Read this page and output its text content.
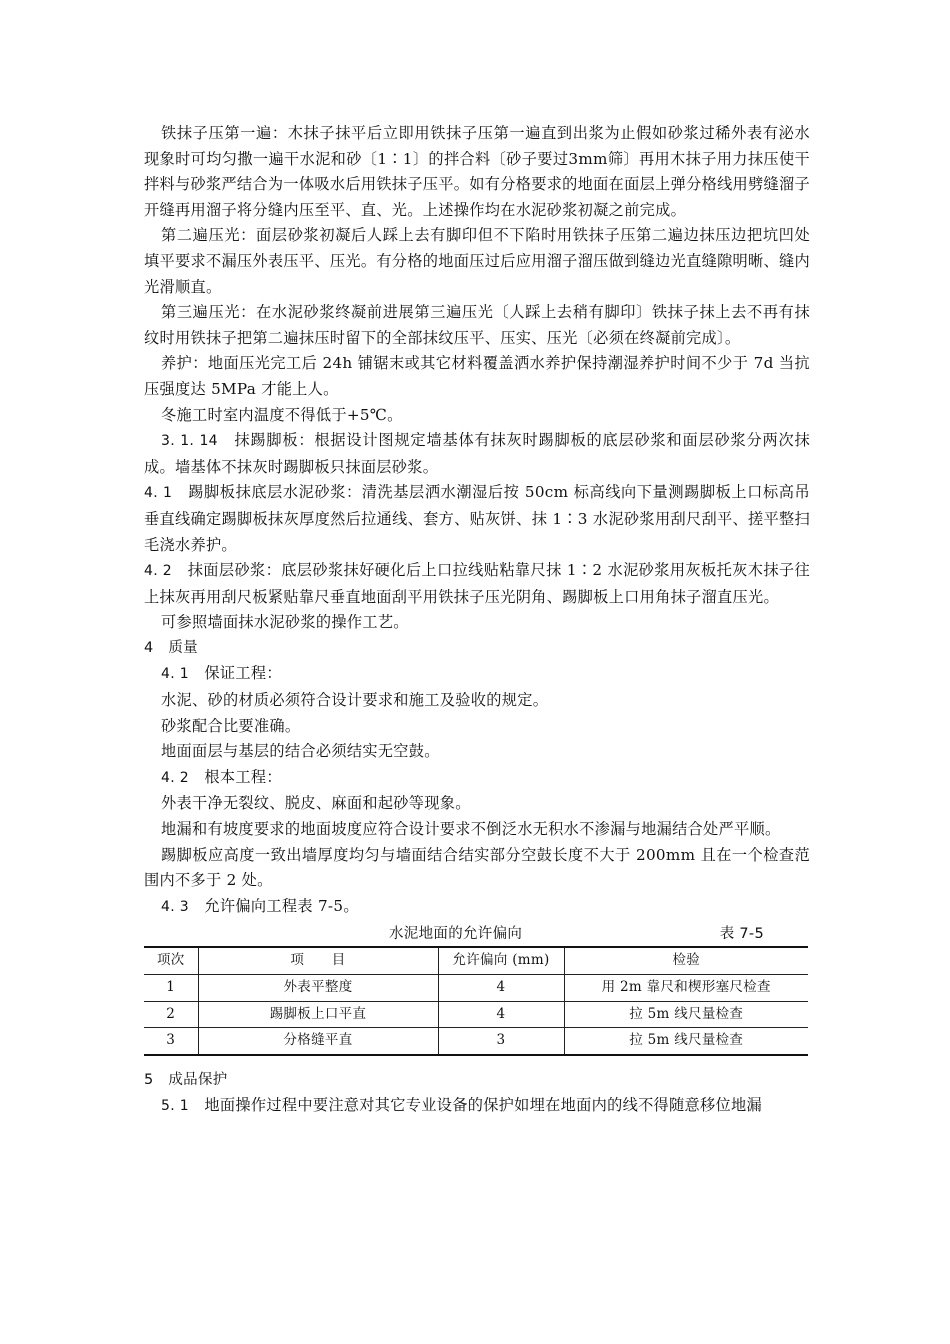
铁抹子压第一遍：木抹子抹平后立即用铁抹子压第一遍直到出浆为止假如砂浆过稀外表有泌水现象时可均匀撒一遍干水泥和砂〔1∶1〕的拌合料〔砂子要过3mm筛〕再用木抹子用力抹压使干拌料与砂浆严结合为一体吸水后用铁抹子压平。如有分格要求的地面在面层上弹分格线用劈缝溜子开缝再用溜子将分缝内压至平、直、光。上述操作均在水泥砂浆初凝之前完成。

第二遍压光：面层砂浆初凝后人踩上去有脚印但不下陷时用铁抹子压第二遍边抹压边把坑凹处填平要求不漏压外表压平、压光。有分格的地面压过后应用溜子溜压做到缝边光直缝隙明晰、缝内光滑顺直。

第三遍压光：在水泥砂浆终凝前进展第三遍压光〔人踩上去稍有脚印〕铁抹子抹上去不再有抹纹时用铁抹子把第二遍抹压时留下的全部抹纹压平、压实、压光〔必须在终凝前完成〕。

养护：地面压光完工后 24h 铺锯末或其它材料覆盖洒水养护保持潮湿养护时间不少于 7d 当抗压强度达 5MPa 才能上人。

冬施工时室内温度不得低于+5℃。

3. 1. 14　 抹踢脚板：根据设计图规定墙基体有抹灰时踢脚板的底层砂浆和面层砂浆分两次抹成。墙基体不抹灰时踢脚板只抹面层砂浆。

4. 1　 踢脚板抹底层水泥砂浆：清洗基层洒水潮湿后按 50cm 标高线向下量测踢脚板上口标高吊垂直线确定踢脚板抹灰厚度然后拉通线、套方、贴灰饼、抹 1∶3 水泥砂浆用刮尺刮平、搓平整扫毛浇水养护。

4. 2　 抹面层砂浆：底层砂浆抹好硬化后上口拉线贴粘靠尺抹 1∶2 水泥砂浆用灰板托灰木抹子往上抹灰再用刮尺板紧贴靠尺垂直地面刮平用铁抹子压光阴角、踢脚板上口用角抹子溜直压光。

可参照墙面抹水泥砂浆的操作工艺。

4　 质量

4. 1　 保证工程：

水泥、砂的材质必须符合设计要求和施工及验收的规定。

砂浆配合比要准确。

地面面层与基层的结合必须结实无空鼓。

4. 2　 根本工程：

外表干净无裂纹、脱皮、麻面和起砂等现象。

地漏和有坡度要求的地面坡度应符合设计要求不倒泛水无积水不渗漏与地漏结合处严平顺。

踢脚板应高度一致出墙厚度均匀与墙面结合结实部分空鼓长度不大于 200mm 且在一个检查范围内不多于 2 处。

4. 3　 允许偏向工程表 7-5。

水泥地面的允许偏向	表 7-5
项次	项　　目	允许偏向 (mm)	检验
1	外表平整度	4	用 2m 靠尺和楔形塞尺检查
2	踢脚板上口平直	4	拉 5m 线尺量检查
3	分格缝平直	3	拉 5m 线尺量检查

5　 成品保护

5. 1　 地面操作过程中要注意对其它专业设备的保护如埋在地面内的线不得随意移位地漏
